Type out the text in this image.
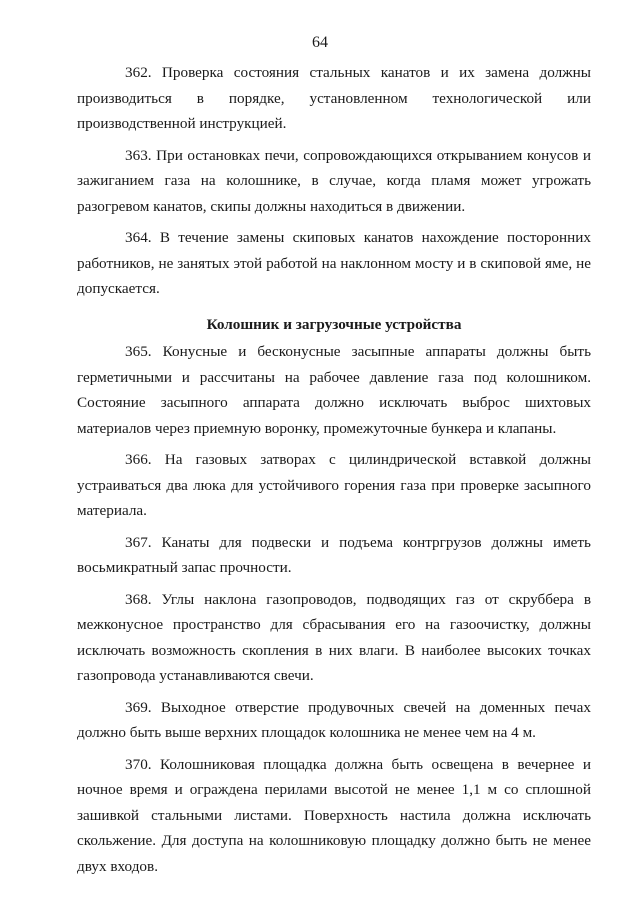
64

362. Проверка состояния стальных канатов и их замена должны производиться в порядке, установленном технологической или производственной инструкцией.

363. При остановках печи, сопровождающихся открыванием конусов и зажиганием газа на колошнике, в случае, когда пламя может угрожать разогревом канатов, скипы должны находиться в движении.

364. В течение замены скиповых канатов нахождение посторонних работников, не занятых этой работой на наклонном мосту и в скиповой яме, не допускается.

Колошник и загрузочные устройства

365. Конусные и бесконусные засыпные аппараты должны быть герметичными и рассчитаны на рабочее давление газа под колошником. Состояние засыпного аппарата должно исключать выброс шихтовых материалов через приемную воронку, промежуточные бункера и клапаны.

366. На газовых затворах с цилиндрической вставкой должны устраиваться два люка для устойчивого горения газа при проверке засыпного материала.

367. Канаты для подвески и подъема контргрузов должны иметь восьмикратный запас прочности.

368. Углы наклона газопроводов, подводящих газ от скруббера в межконусное пространство для сбрасывания его на газоочистку, должны исключать возможность скопления в них влаги. В наиболее высоких точках газопровода устанавливаются свечи.

369. Выходное отверстие продувочных свечей на доменных печах должно быть выше верхних площадок колошника не менее чем на 4 м.

370. Колошниковая площадка должна быть освещена в вечернее и ночное время и ограждена перилами высотой не менее 1,1 м со сплошной зашивкой стальными листами. Поверхность настила должна исключать скольжение. Для доступа на колошниковую площадку должно быть не менее двух входов.
